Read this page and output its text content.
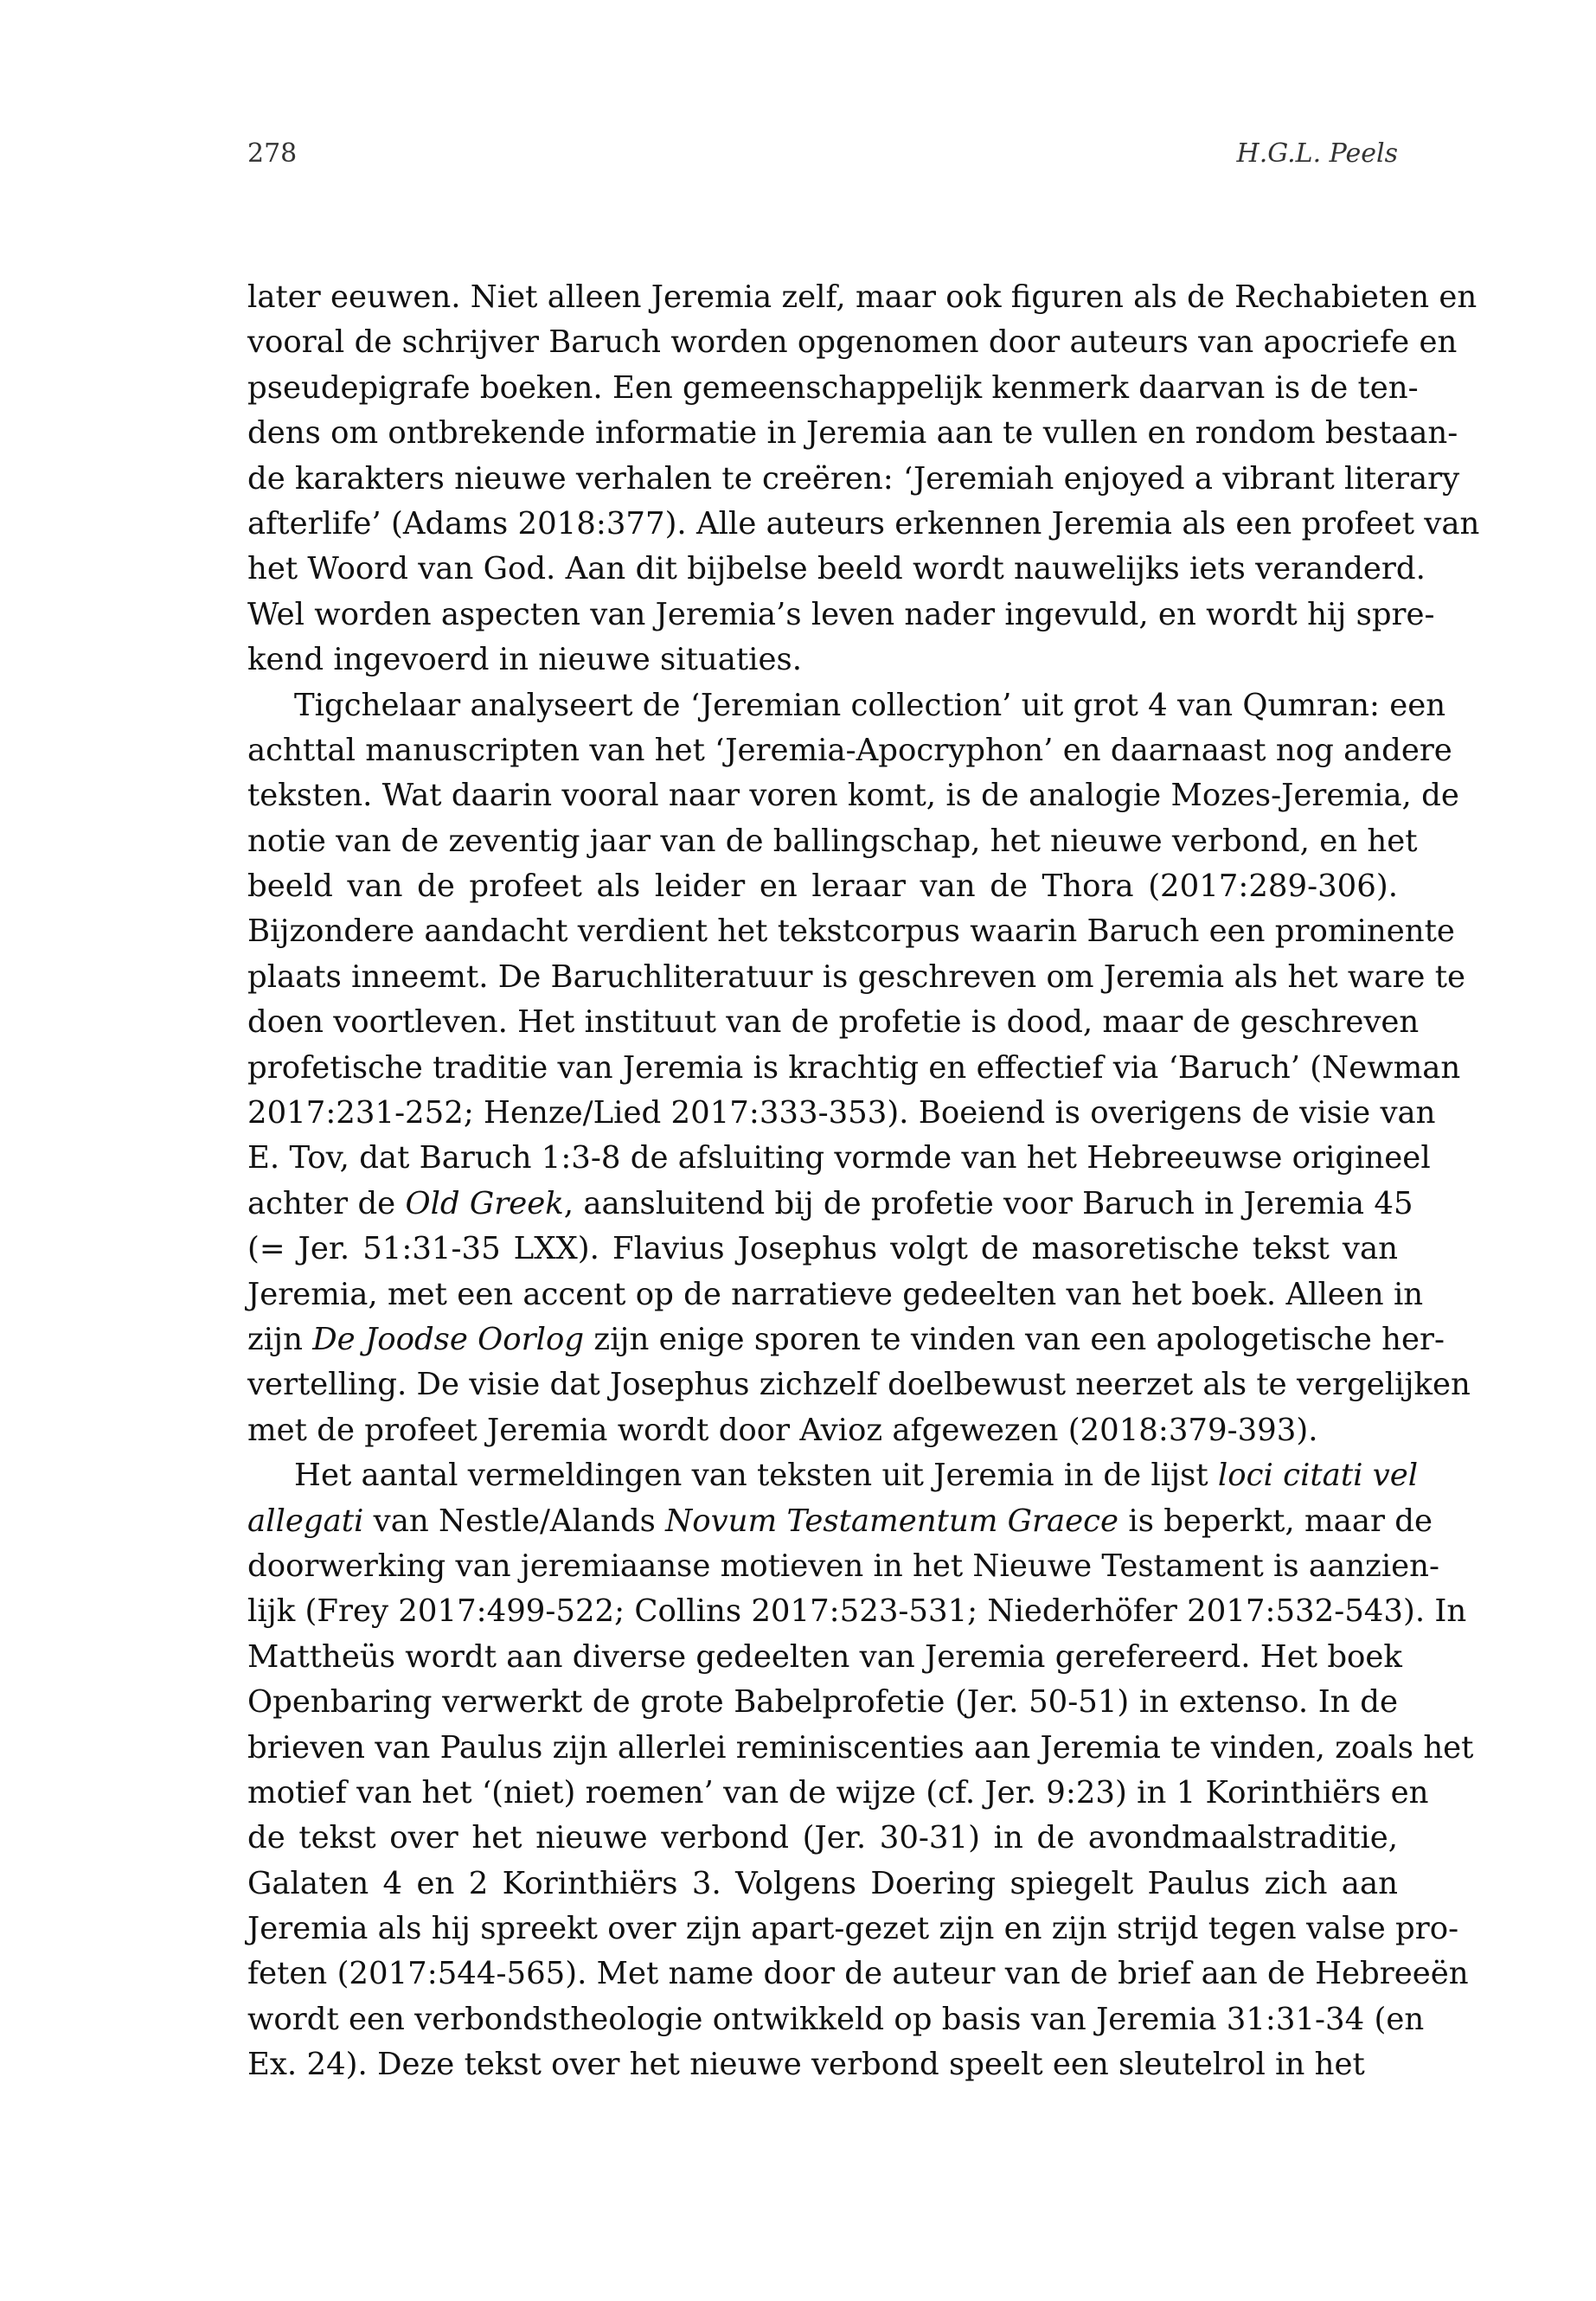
278	H.G.L. Peels
later eeuwen. Niet alleen Jeremia zelf, maar ook figuren als de Rechabieten en
vooral de schrijver Baruch worden opgenomen door auteurs van apocriefe en
pseudepigrafe boeken. Een gemeenschappelijk kenmerk daarvan is de ten-
dens om ontbrekende informatie in Jeremia aan te vullen en rondom bestaan-
de karakters nieuwe verhalen te creëren: ‘Jeremiah enjoyed a vibrant literary
afterlife’ (Adams 2018:377). Alle auteurs erkennen Jeremia als een profeet van
het Woord van God. Aan dit bijbelse beeld wordt nauwelijks iets veranderd.
Wel worden aspecten van Jeremia’s leven nader ingevuld, en wordt hij spre-
kend ingevoerd in nieuwe situaties.
Tigchelaar analyseert de ‘Jeremian collection’ uit grot 4 van Qumran: een
achttal manuscripten van het ‘Jeremia-Apocryphon’ en daarnaast nog andere
teksten. Wat daarin vooral naar voren komt, is de analogie Mozes-Jeremia, de
notie van de zeventig jaar van de ballingschap, het nieuwe verbond, en het
beeld van de profeet als leider en leraar van de Thora (2017:289-306).
Bijzondere aandacht verdient het tekstcorpus waarin Baruch een prominente
plaats inneemt. De Baruchliteratuur is geschreven om Jeremia als het ware te
doen voortleven. Het instituut van de profetie is dood, maar de geschreven
profetische traditie van Jeremia is krachtig en effectief via ‘Baruch’ (Newman
2017:231-252; Henze/Lied 2017:333-353). Boeiend is overigens de visie van
E. Tov, dat Baruch 1:3-8 de afsluiting vormde van het Hebreeuwse origineel
achter de Old Greek, aansluitend bij de profetie voor Baruch in Jeremia 45
(= Jer. 51:31-35 LXX). Flavius Josephus volgt de masoretische tekst van
Jeremia, met een accent op de narratieve gedeelten van het boek. Alleen in
zijn De Joodse Oorlog zijn enige sporen te vinden van een apologetische her-
vertelling. De visie dat Josephus zichzelf doelbewust neerzet als te vergelijken
met de profeet Jeremia wordt door Avioz afgewezen (2018:379-393).
Het aantal vermeldingen van teksten uit Jeremia in de lijst loci citati vel
allegati van Nestle/Alands Novum Testamentum Graece is beperkt, maar de
doorwerking van jeremiaanse motieven in het Nieuwe Testament is aanzien-
lijk (Frey 2017:499-522; Collins 2017:523-531; Niederhöfer 2017:532-543). In
Mattheüs wordt aan diverse gedeelten van Jeremia gerefereerd. Het boek
Openbaring verwerkt de grote Babelprofetie (Jer. 50-51) in extenso. In de
brieven van Paulus zijn allerlei reminiscenties aan Jeremia te vinden, zoals het
motief van het ‘(niet) roemen’ van de wijze (cf. Jer. 9:23) in 1 Korinthiërs en
de tekst over het nieuwe verbond (Jer. 30-31) in de avondmaalstraditie,
Galaten 4 en 2 Korinthiërs 3. Volgens Doering spiegelt Paulus zich aan
Jeremia als hij spreekt over zijn apart-gezet zijn en zijn strijd tegen valse pro-
feten (2017:544-565). Met name door de auteur van de brief aan de Hebreeën
wordt een verbondstheologie ontwikkeld op basis van Jeremia 31:31-34 (en
Ex. 24). Deze tekst over het nieuwe verbond speelt een sleutelrol in het
